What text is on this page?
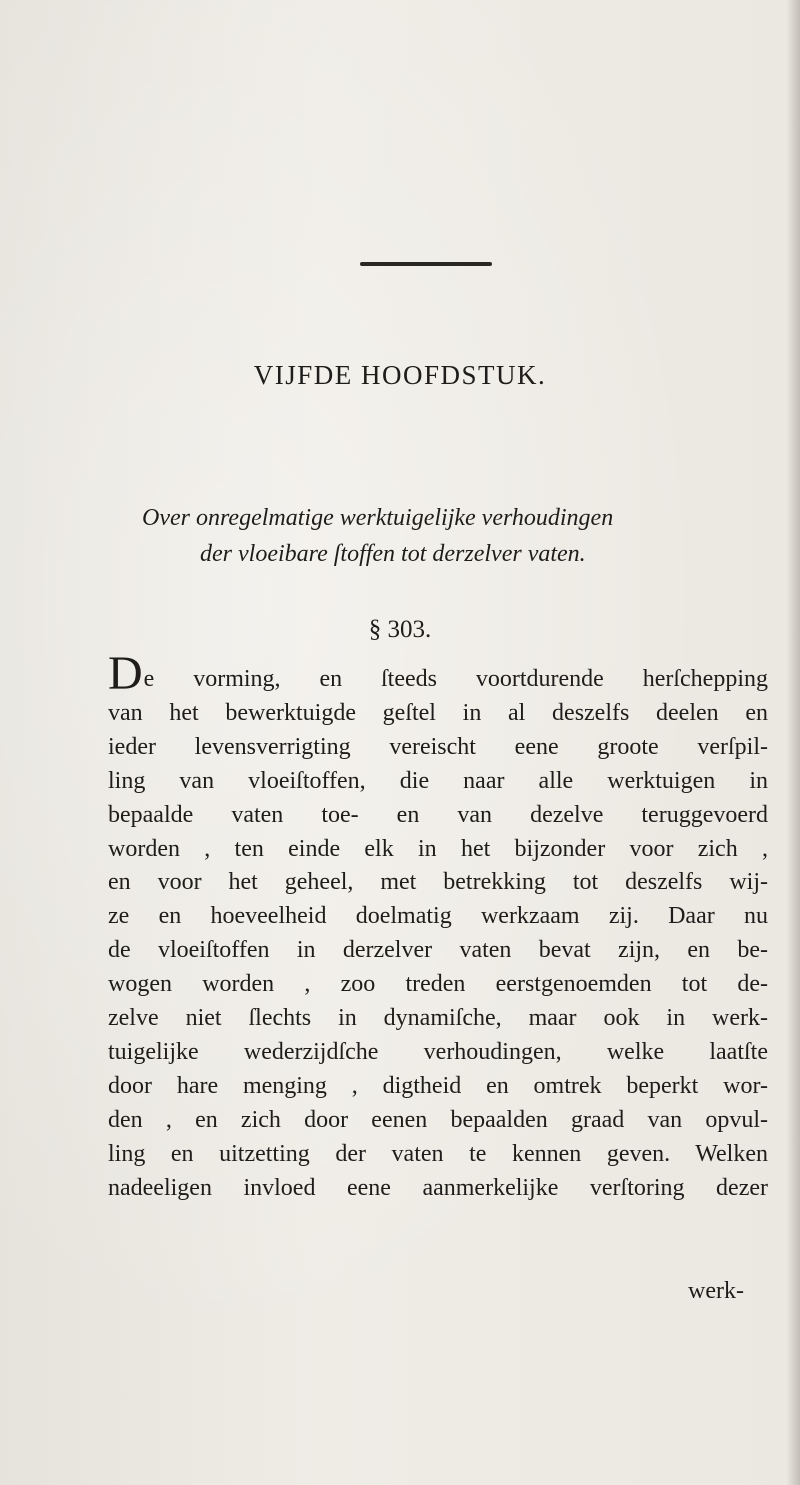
VIJFDE HOOFDSTUK.
Over onregelmatige werktuigelijke verhoudingen
der vloeibare ſtoffen tot derzelver vaten.
§ 303.
De vorming, en ſteeds voortdurende herſchepping
van het bewerktuigde geſtel in al deszelfs deelen en
ieder levensverrigting vereischt eene groote verſpil-
ling van vloeiſtoffen, die naar alle werktuigen in
bepaalde vaten toe- en van dezelve teruggevoerd
worden , ten einde elk in het bijzonder voor zich ,
en voor het geheel, met betrekking tot deszelfs wij-
ze en hoeveelheid doelmatig werkzaam zij. Daar nu
de vloeiſtoffen in derzelver vaten bevat zijn, en be-
wogen worden , zoo treden eerstgenoemden tot de-
zelve niet ſlechts in dynamiſche, maar ook in werk-
tuigelijke wederzijdſche verhoudingen, welke laatſte
door hare menging , digtheid en omtrek beperkt wor-
den , en zich door eenen bepaalden graad van opvul-
ling en uitzetting der vaten te kennen geven. Welken
nadeeligen invloed eene aanmerkelijke verſtoring dezer
werk-
